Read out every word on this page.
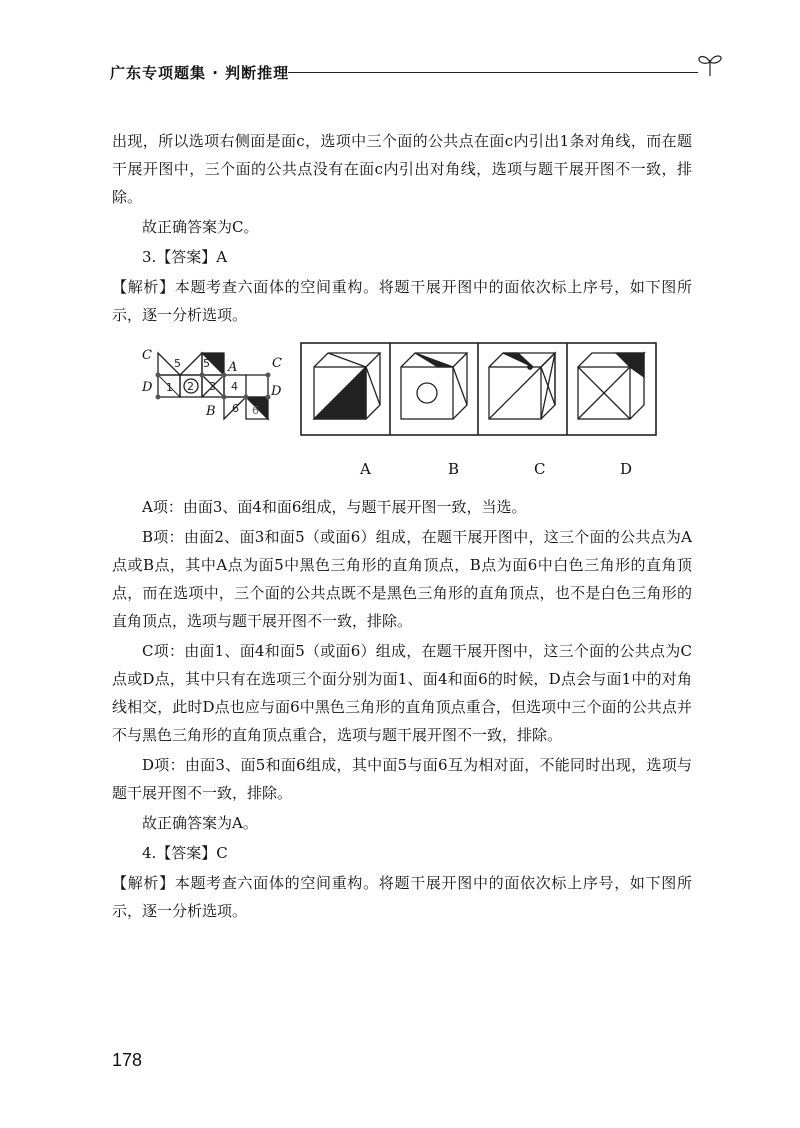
广东专项题集 · 判断推理

出现，所以选项右侧面是面c，选项中三个面的公共点在面c内引出1条对角线，而在题干展开图中，三个面的公共点没有在面c内引出对角线，选项与题干展开图不一致，排除。

故正确答案为C。

3.【答案】A

【解析】本题考查六面体的空间重构。将题干展开图中的面依次标上序号，如下图所示，逐一分析选项。

C
A	C
D	D
B
5 5
1 2 3 4
6 6
A	B	C	D

A项：由面3、面4和面6组成，与题干展开图一致，当选。

B项：由面2、面3和面5（或面6）组成，在题干展开图中，这三个面的公共点为A点或B点，其中A点为面5中黑色三角形的直角顶点，B点为面6中白色三角形的直角顶点，而在选项中，三个面的公共点既不是黑色三角形的直角顶点，也不是白色三角形的直角顶点，选项与题干展开图不一致，排除。

C项：由面1、面4和面5（或面6）组成，在题干展开图中，这三个面的公共点为C点或D点，其中只有在选项三个面分别为面1、面4和面6的时候，D点会与面1中的对角线相交，此时D点也应与面6中黑色三角形的直角顶点重合，但选项中三个面的公共点并不与黑色三角形的直角顶点重合，选项与题干展开图不一致，排除。

D项：由面3、面5和面6组成，其中面5与面6互为相对面，不能同时出现，选项与题干展开图不一致，排除。

故正确答案为A。

4.【答案】C

【解析】本题考查六面体的空间重构。将题干展开图中的面依次标上序号，如下图所示，逐一分析选项。

178
